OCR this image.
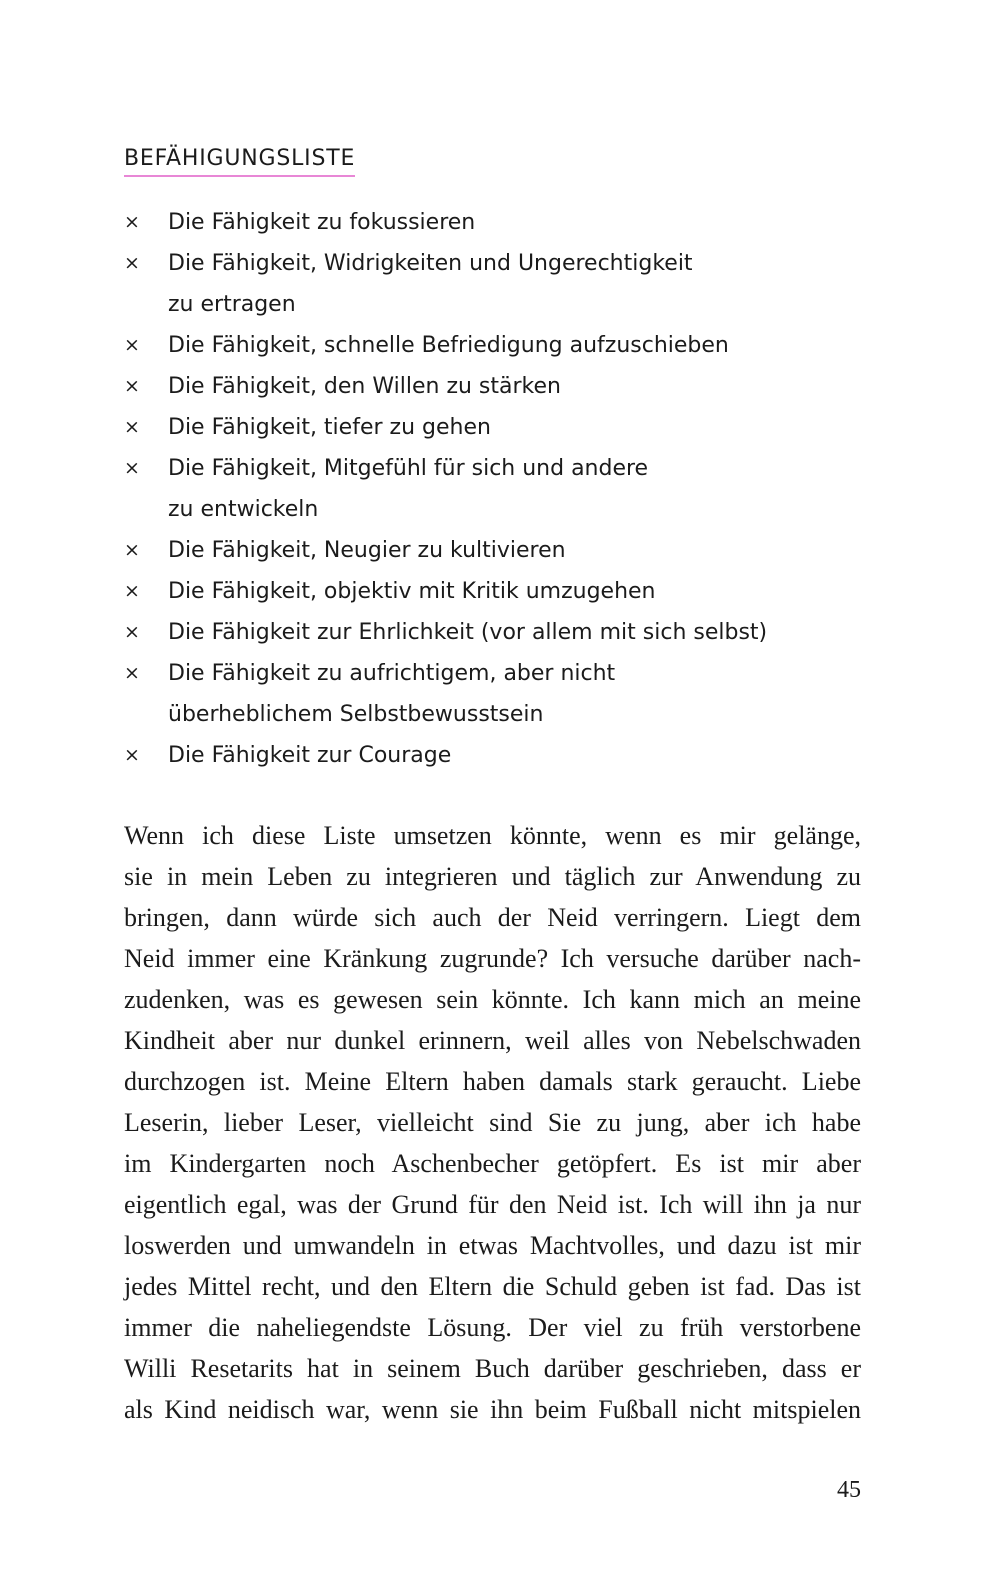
BEFÄHIGUNGSLISTE
× Die Fähigkeit zu fokussieren
× Die Fähigkeit, Widrigkeiten und Ungerechtigkeit
zu ertragen
× Die Fähigkeit, schnelle Befriedigung aufzuschieben
× Die Fähigkeit, den Willen zu stärken
× Die Fähigkeit, tiefer zu gehen
× Die Fähigkeit, Mitgefühl für sich und andere
zu entwickeln
× Die Fähigkeit, Neugier zu kultivieren
× Die Fähigkeit, objektiv mit Kritik umzugehen
× Die Fähigkeit zur Ehrlichkeit (vor allem mit sich selbst)
× Die Fähigkeit zu aufrichtigem, aber nicht
überheblichem Selbstbewusstsein
× Die Fähigkeit zur Courage

Wenn ich diese Liste umsetzen könnte, wenn es mir gelänge,
sie in mein Leben zu integrieren und täglich zur Anwendung zu
bringen, dann würde sich auch der Neid verringern. Liegt dem
Neid immer eine Kränkung zugrunde? Ich versuche darüber nach-
zudenken, was es gewesen sein könnte. Ich kann mich an meine
Kindheit aber nur dunkel erinnern, weil alles von Nebelschwaden
durchzogen ist. Meine Eltern haben damals stark geraucht. Liebe
Leserin, lieber Leser, vielleicht sind Sie zu jung, aber ich habe
im Kindergarten noch Aschenbecher getöpfert. Es ist mir aber
eigentlich egal, was der Grund für den Neid ist. Ich will ihn ja nur
loswerden und umwandeln in etwas Machtvolles, und dazu ist mir
jedes Mittel recht, und den Eltern die Schuld geben ist fad. Das ist
immer die naheliegendste Lösung. Der viel zu früh verstorbene
Willi Resetarits hat in seinem Buch darüber geschrieben, dass er
als Kind neidisch war, wenn sie ihn beim Fußball nicht mitspielen

45
